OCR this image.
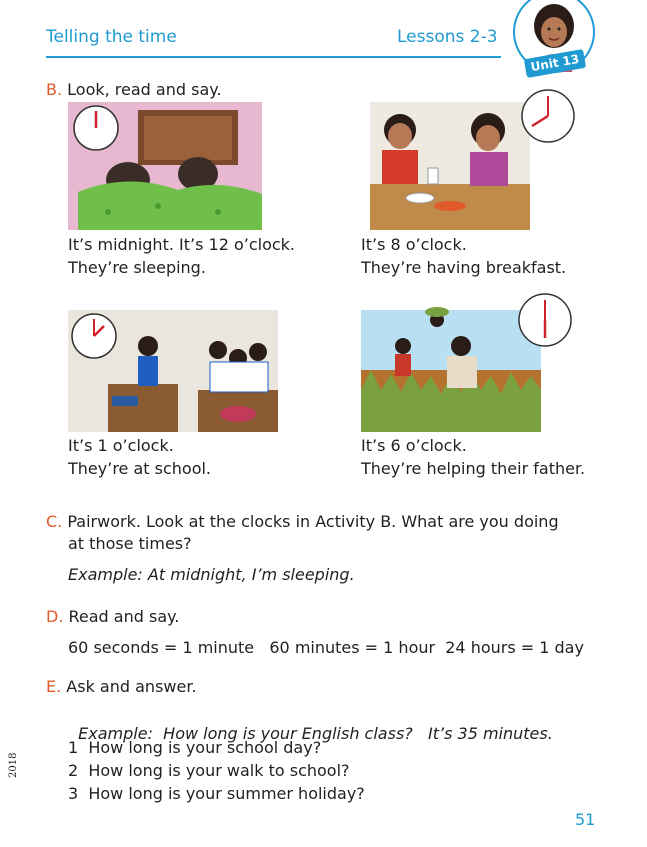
Telling the time	Lessons 2-3
Unit 13
B. Look, read and say.
It’s midnight. It’s 12 o’clock.
They’re sleeping.
It’s 8 o’clock.
They’re having breakfast.
It’s 1 o’clock.
They’re at school.
It’s 6 o’clock.
They’re helping their father.
C. Pairwork. Look at the clocks in Activity B. What are you doing
at those times?
Example: At midnight, I’m sleeping.
D. Read and say.
60 seconds = 1 minute   60 minutes = 1 hour  24 hours = 1 day
E. Ask and answer.

Example:  How long is your English class?   It’s 35 minutes.

1  How long is your school day?
2  How long is your walk to school?
3  How long is your summer holiday?
2018
51
